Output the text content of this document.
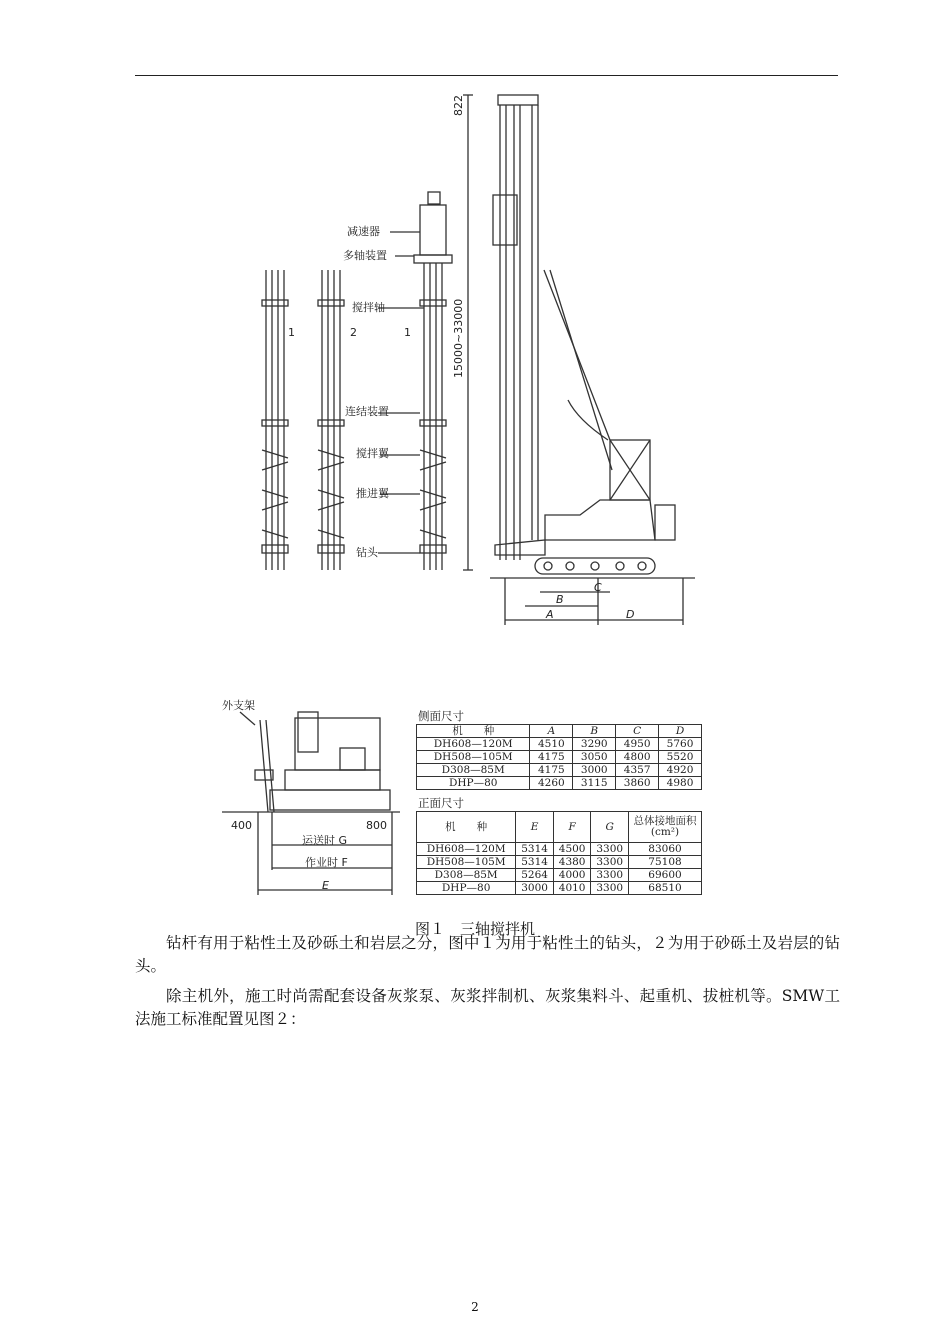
减速器
多轴装置
搅拌轴
连结装置
搅拌翼
推进翼
钻头
1	2	1
822
15000~33000
C
B
A	D
外支架
400	800
运送时 G
作业时 F
E
侧面尺寸
机　　种	A	B	C	D
DH608—120M	4510	3290	4950	5760
DH508—105M	4175	3050	4800	5520
D308—85M	4175	3000	4357	4920
DHP—80	4260	3115	3860	4980
正面尺寸
机　　种	E	F	G	总体接地面积(cm²)
DH608—120M	5314	4500	3300	83060
DH508—105M	5314	4380	3300	75108
D308—85M	5264	4000	3300	69600
DHP—80	3000	4010	3300	68510
图１　三轴搅拌机

钻杆有用于粘性土及砂砾土和岩层之分，图中１为用于粘性土的钻头，２为用于砂砾土及岩层的钻头。

除主机外，施工时尚需配套设备灰浆泵、灰浆拌制机、灰浆集料斗、起重机、拔桩机等。SMW工法施工标准配置见图２：

2
